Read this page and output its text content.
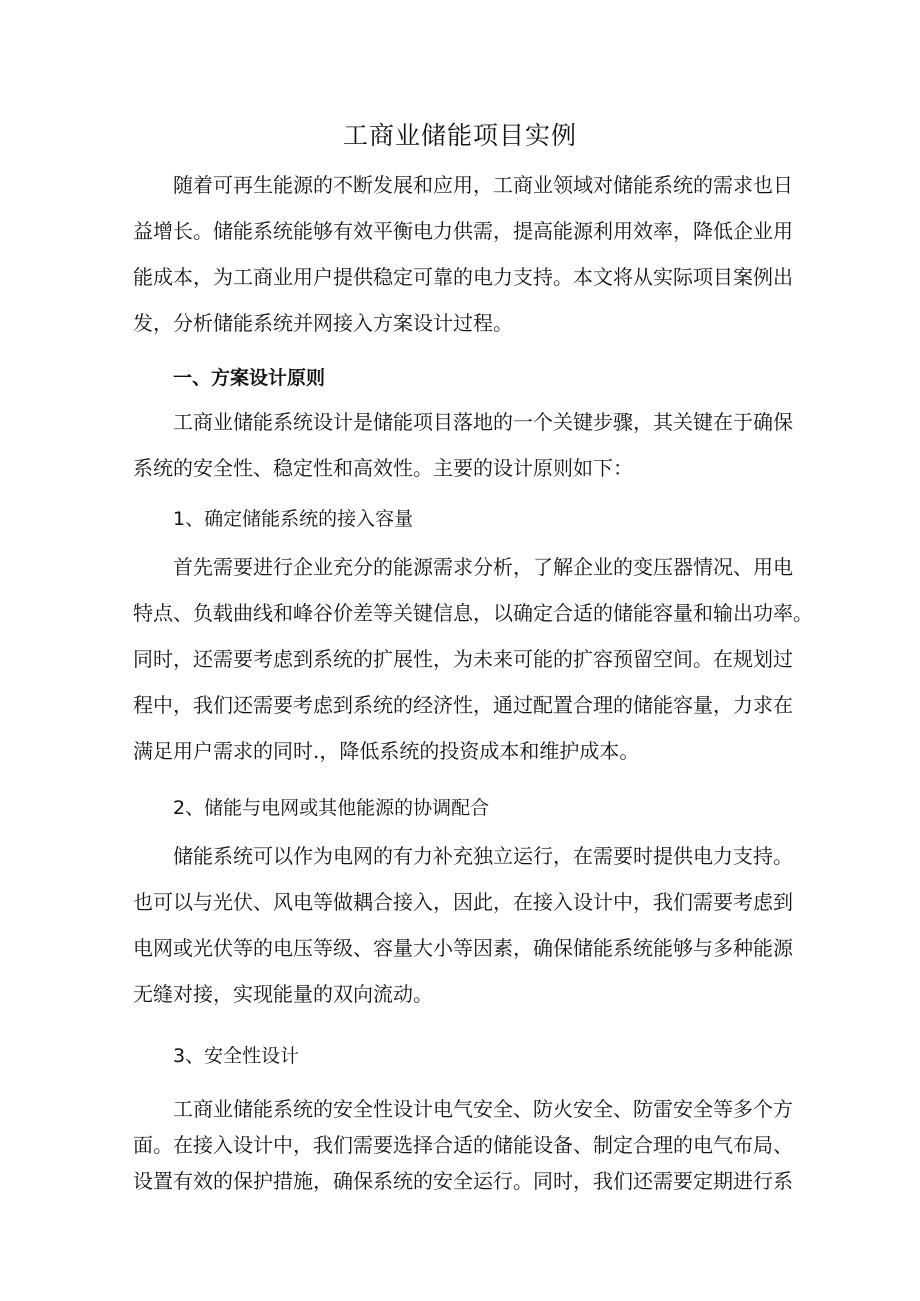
工商业储能项目实例

随着可再生能源的不断发展和应用，工商业领域对储能系统的需求也日
益增长。储能系统能够有效平衡电力供需，提高能源利用效率，降低企业用
能成本，为工商业用户提供稳定可靠的电力支持。本文将从实际项目案例出
发，分析储能系统并网接入方案设计过程。

一、方案设计原则

工商业储能系统设计是储能项目落地的一个关键步骤，其关键在于确保
系统的安全性、稳定性和高效性。主要的设计原则如下：

1、确定储能系统的接入容量

首先需要进行企业充分的能源需求分析，了解企业的变压器情况、用电
特点、负载曲线和峰谷价差等关键信息，以确定合适的储能容量和输出功率。
同时，还需要考虑到系统的扩展性，为未来可能的扩容预留空间。在规划过
程中，我们还需要考虑到系统的经济性，通过配置合理的储能容量，力求在
满足用户需求的同时.，降低系统的投资成本和维护成本。

2、储能与电网或其他能源的协调配合

储能系统可以作为电网的有力补充独立运行，在需要时提供电力支持。
也可以与光伏、风电等做耦合接入，因此，在接入设计中，我们需要考虑到
电网或光伏等的电压等级、容量大小等因素，确保储能系统能够与多种能源
无缝对接，实现能量的双向流动。

3、安全性设计

工商业储能系统的安全性设计电气安全、防火安全、防雷安全等多个方
面。在接入设计中，我们需要选择合适的储能设备、制定合理的电气布局、
设置有效的保护措施，确保系统的安全运行。同时，我们还需要定期进行系
